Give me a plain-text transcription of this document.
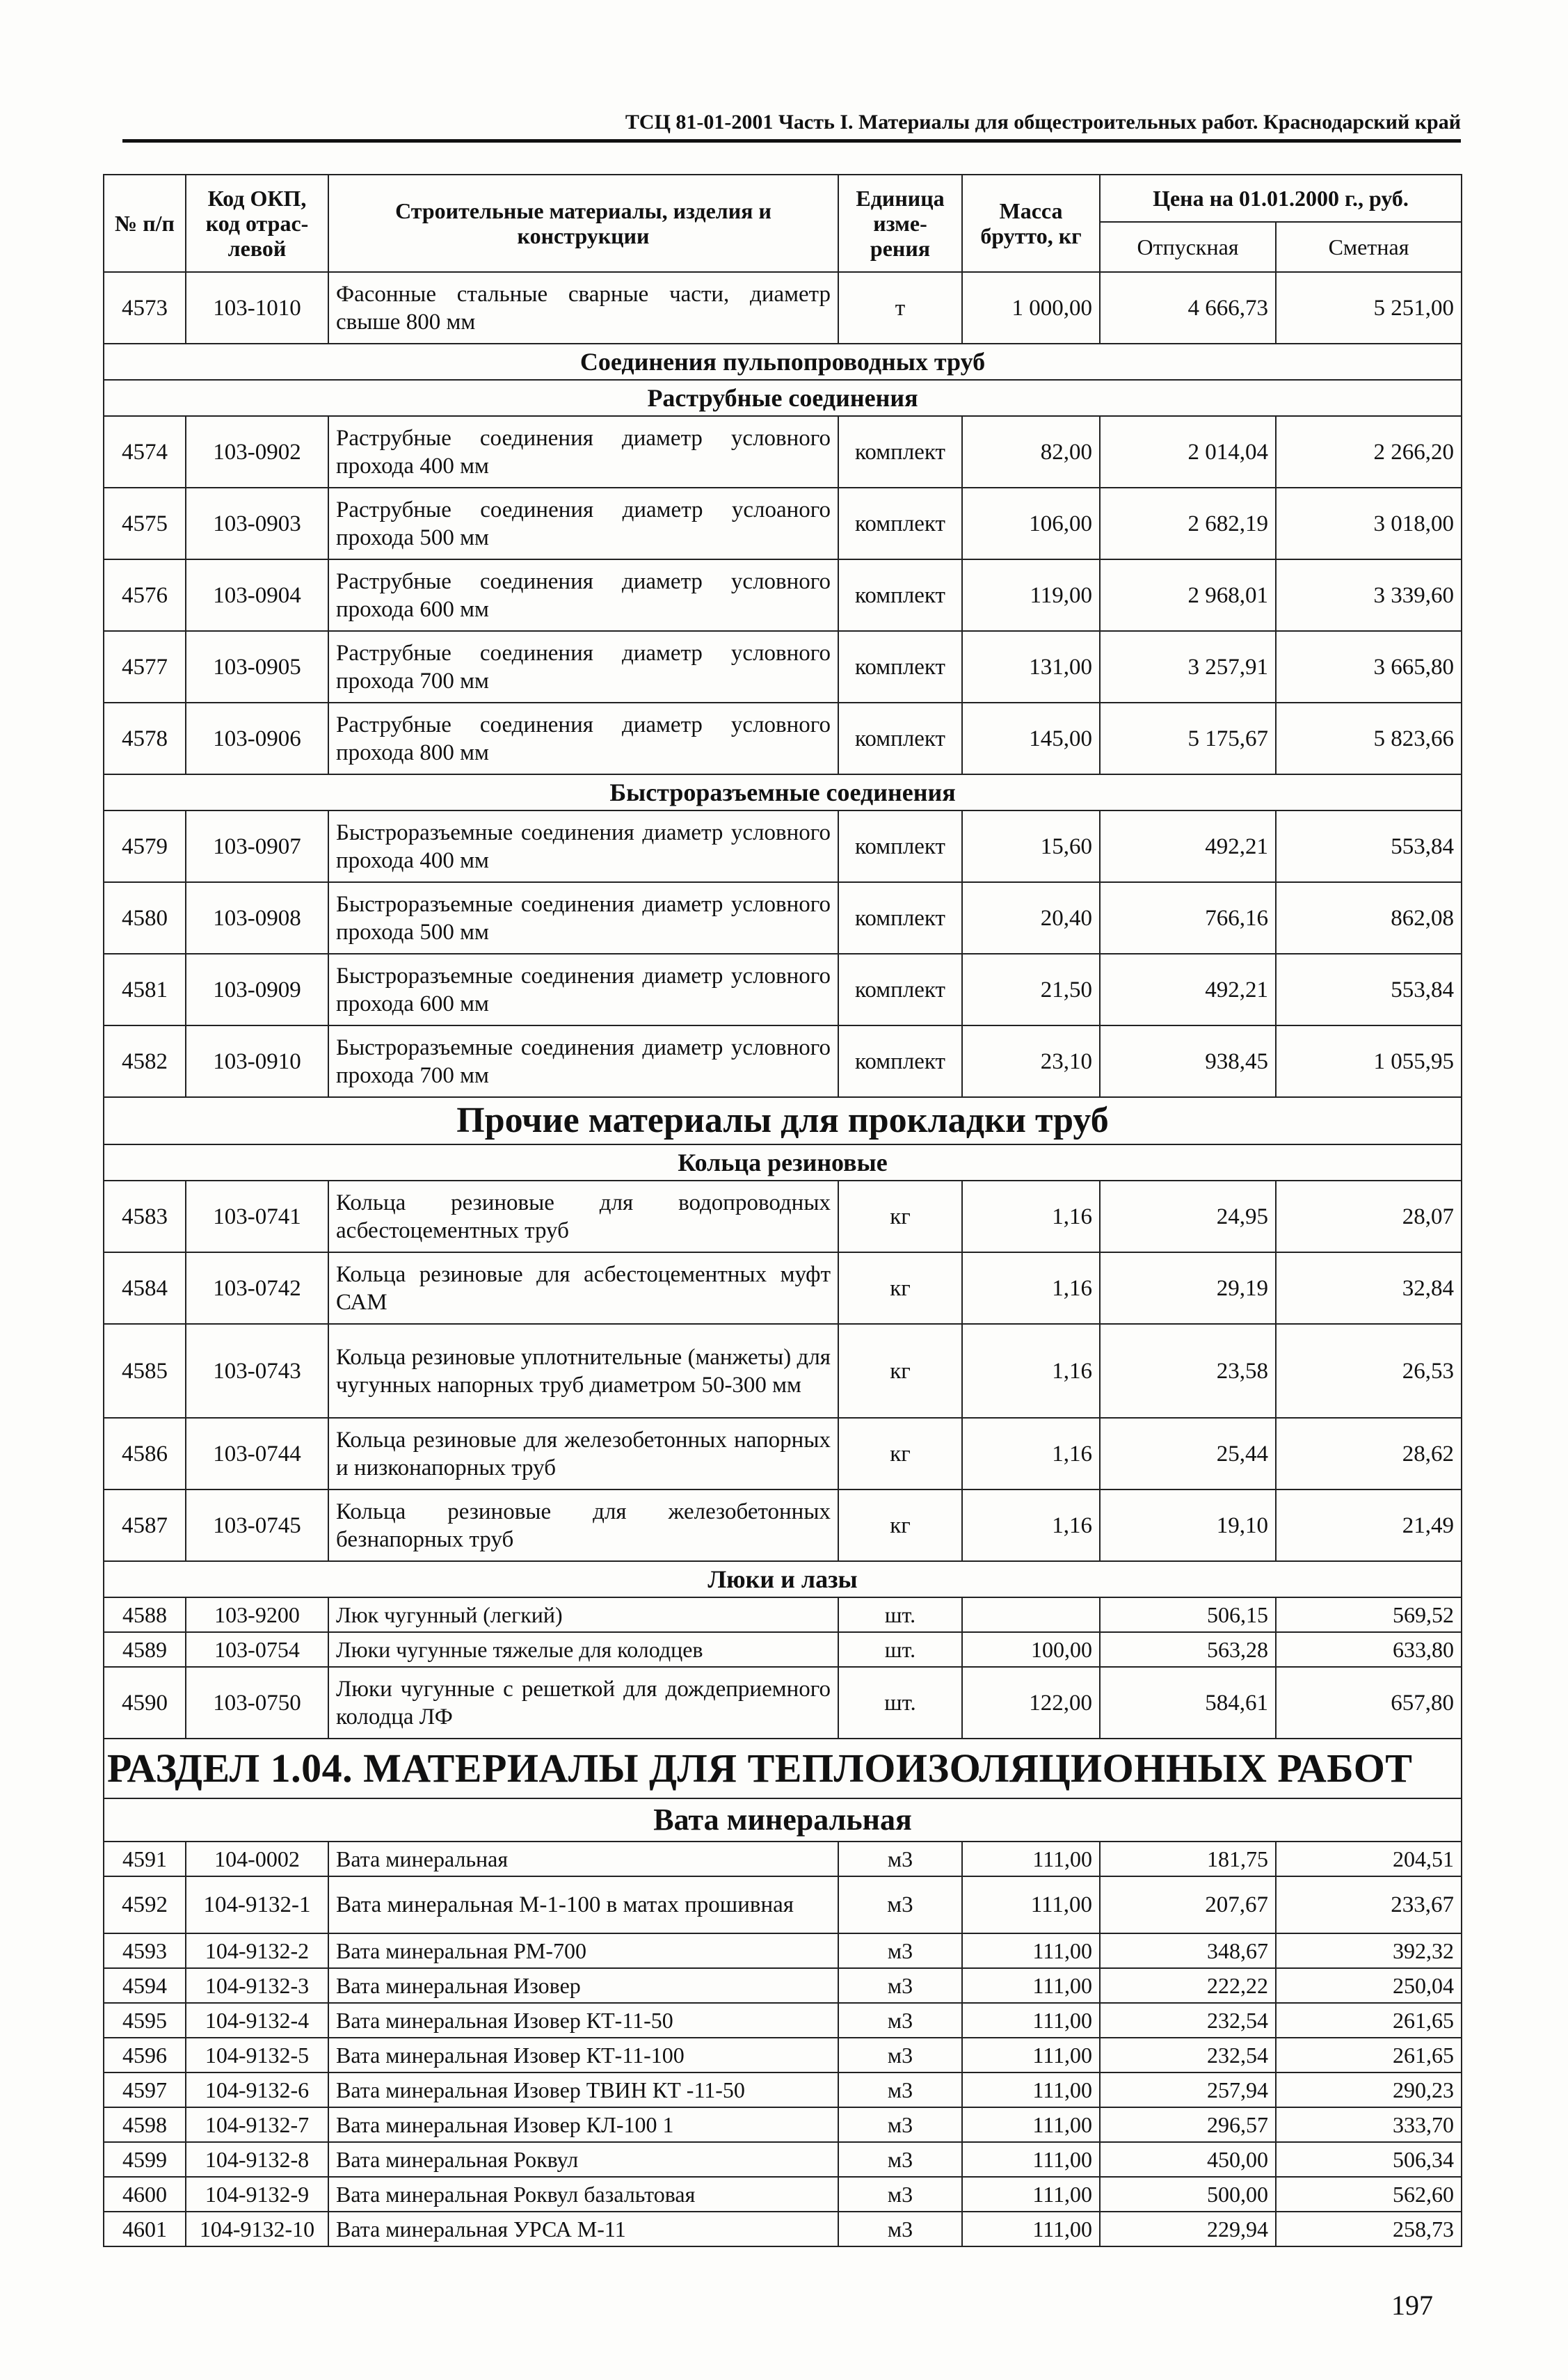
ТСЦ 81-01-2001 Часть I. Материалы для общестроительных работ. Краснодарский край
№ п/п	Код ОКП, код отрас-левой	Строительные материалы, изделия и конструкции	Единица изме-рения	Масса брутто, кг	Цена на 01.01.2000 г., руб.	
					Отпускная	Сметная
4573	103-1010	Фасонные стальные сварные части, диаметр свыше 800 мм	т	1 000,00	4 666,73	5 251,00
Соединения пульпопроводных труб						
Раструбные соединения						
4574	103-0902	Раструбные соединения диаметр условного прохода 400 мм	комплект	82,00	2 014,04	2 266,20
4575	103-0903	Раструбные соединения диаметр услоаного прохода 500 мм	комплект	106,00	2 682,19	3 018,00
4576	103-0904	Раструбные соединения диаметр условного прохода 600 мм	комплект	119,00	2 968,01	3 339,60
4577	103-0905	Раструбные соединения диаметр условного прохода 700 мм	комплект	131,00	3 257,91	3 665,80
4578	103-0906	Раструбные соединения диаметр условного прохода 800 мм	комплект	145,00	5 175,67	5 823,66
Быстроразъемные соединения						
4579	103-0907	Быстроразъемные соединения диаметр условного прохода 400 мм	комплект	15,60	492,21	553,84
4580	103-0908	Быстроразъемные соединения диаметр условного прохода 500 мм	комплект	20,40	766,16	862,08
4581	103-0909	Быстроразъемные соединения диаметр условного прохода 600 мм	комплект	21,50	492,21	553,84
4582	103-0910	Быстроразъемные соединения диаметр условного прохода 700 мм	комплект	23,10	938,45	1 055,95
Прочие материалы для прокладки труб						
Кольца резиновые						
4583	103-0741	Кольца резиновые для водопроводных асбестоцементных труб	кг	1,16	24,95	28,07
4584	103-0742	Кольца резиновые для асбестоцементных муфт САМ	кг	1,16	29,19	32,84
4585	103-0743	Кольца резиновые уплотнительные (манжеты) для чугунных напорных труб диаметром 50-300 мм	кг	1,16	23,58	26,53
4586	103-0744	Кольца резиновые для железобетонных напорных и низконапорных труб	кг	1,16	25,44	28,62
4587	103-0745	Кольца резиновые для железобетонных безнапорных труб	кг	1,16	19,10	21,49
Люки и лазы						
4588	103-9200	Люк чугунный (легкий)	шт.		506,15	569,52
4589	103-0754	Люки чугунные тяжелые для колодцев	шт.	100,00	563,28	633,80
4590	103-0750	Люки чугунные с решеткой для дождеприемного колодца ЛФ	шт.	122,00	584,61	657,80
РАЗДЕЛ 1.04. МАТЕРИАЛЫ ДЛЯ ТЕПЛОИЗОЛЯЦИОННЫХ РАБОТ						
Вата минеральная						
4591	104-0002	Вата минеральная	м3	111,00	181,75	204,51
4592	104-9132-1	Вата минеральная М-1-100 в матах прошивная	м3	111,00	207,67	233,67
4593	104-9132-2	Вата минеральная РМ-700	м3	111,00	348,67	392,32
4594	104-9132-3	Вата минеральная Изовер	м3	111,00	222,22	250,04
4595	104-9132-4	Вата минеральная Изовер КТ-11-50	м3	111,00	232,54	261,65
4596	104-9132-5	Вата минеральная Изовер КТ-11-100	м3	111,00	232,54	261,65
4597	104-9132-6	Вата минеральная Изовер ТВИН КТ -11-50	м3	111,00	257,94	290,23
4598	104-9132-7	Вата минеральная Изовер КЛ-100 1	м3	111,00	296,57	333,70
4599	104-9132-8	Вата минеральная Роквул	м3	111,00	450,00	506,34
4600	104-9132-9	Вата минеральная Роквул базальтовая	м3	111,00	500,00	562,60
4601	104-9132-10	Вата минеральная УРСА М-11	м3	111,00	229,94	258,73
197
